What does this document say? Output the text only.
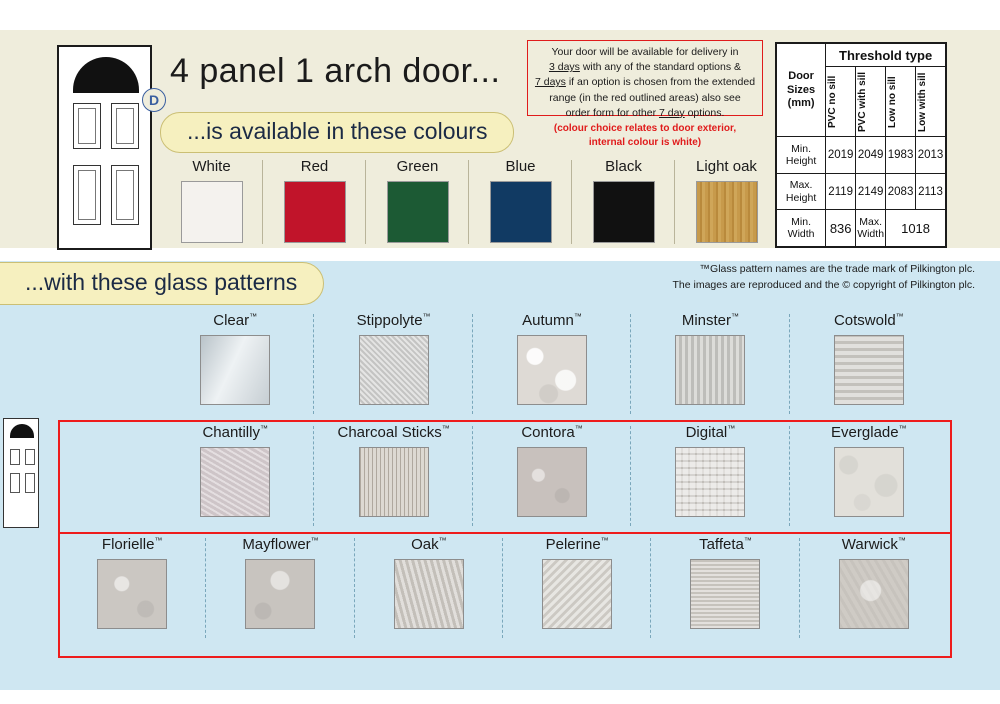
D
4 panel 1 arch door...
...is available in these colours
...with these glass patterns
Your door will be available for delivery in
3 days with any of the standard options &
7 days if an option is chosen from the extended
range (in the red outlined areas) also see
order form for other 7 day options.
(colour choice relates to door exterior,
internal colour is white)
Door Sizes (mm)	Threshold type			

	PVC no sill	PVC with sill	Low no sill	Low with sill

Min. Height	2019	2049	1983	2013
Max. Height	2119	2149	2083	2113
Min. Width	836	Max. Width	1018	
White	Red	Green	Blue	Black	Light oak
™Glass pattern names are the trade mark of Pilkington plc.
The images are reproduced and the © copyright of Pilkington plc.
Clear™	Stippolyte™	Autumn™	Minster™	Cotswold™
Chantilly™	Charcoal Sticks™	Contora™	Digital™	Everglade™
Florielle™	Mayflower™	Oak™	Pelerine™	Taffeta™	Warwick™
